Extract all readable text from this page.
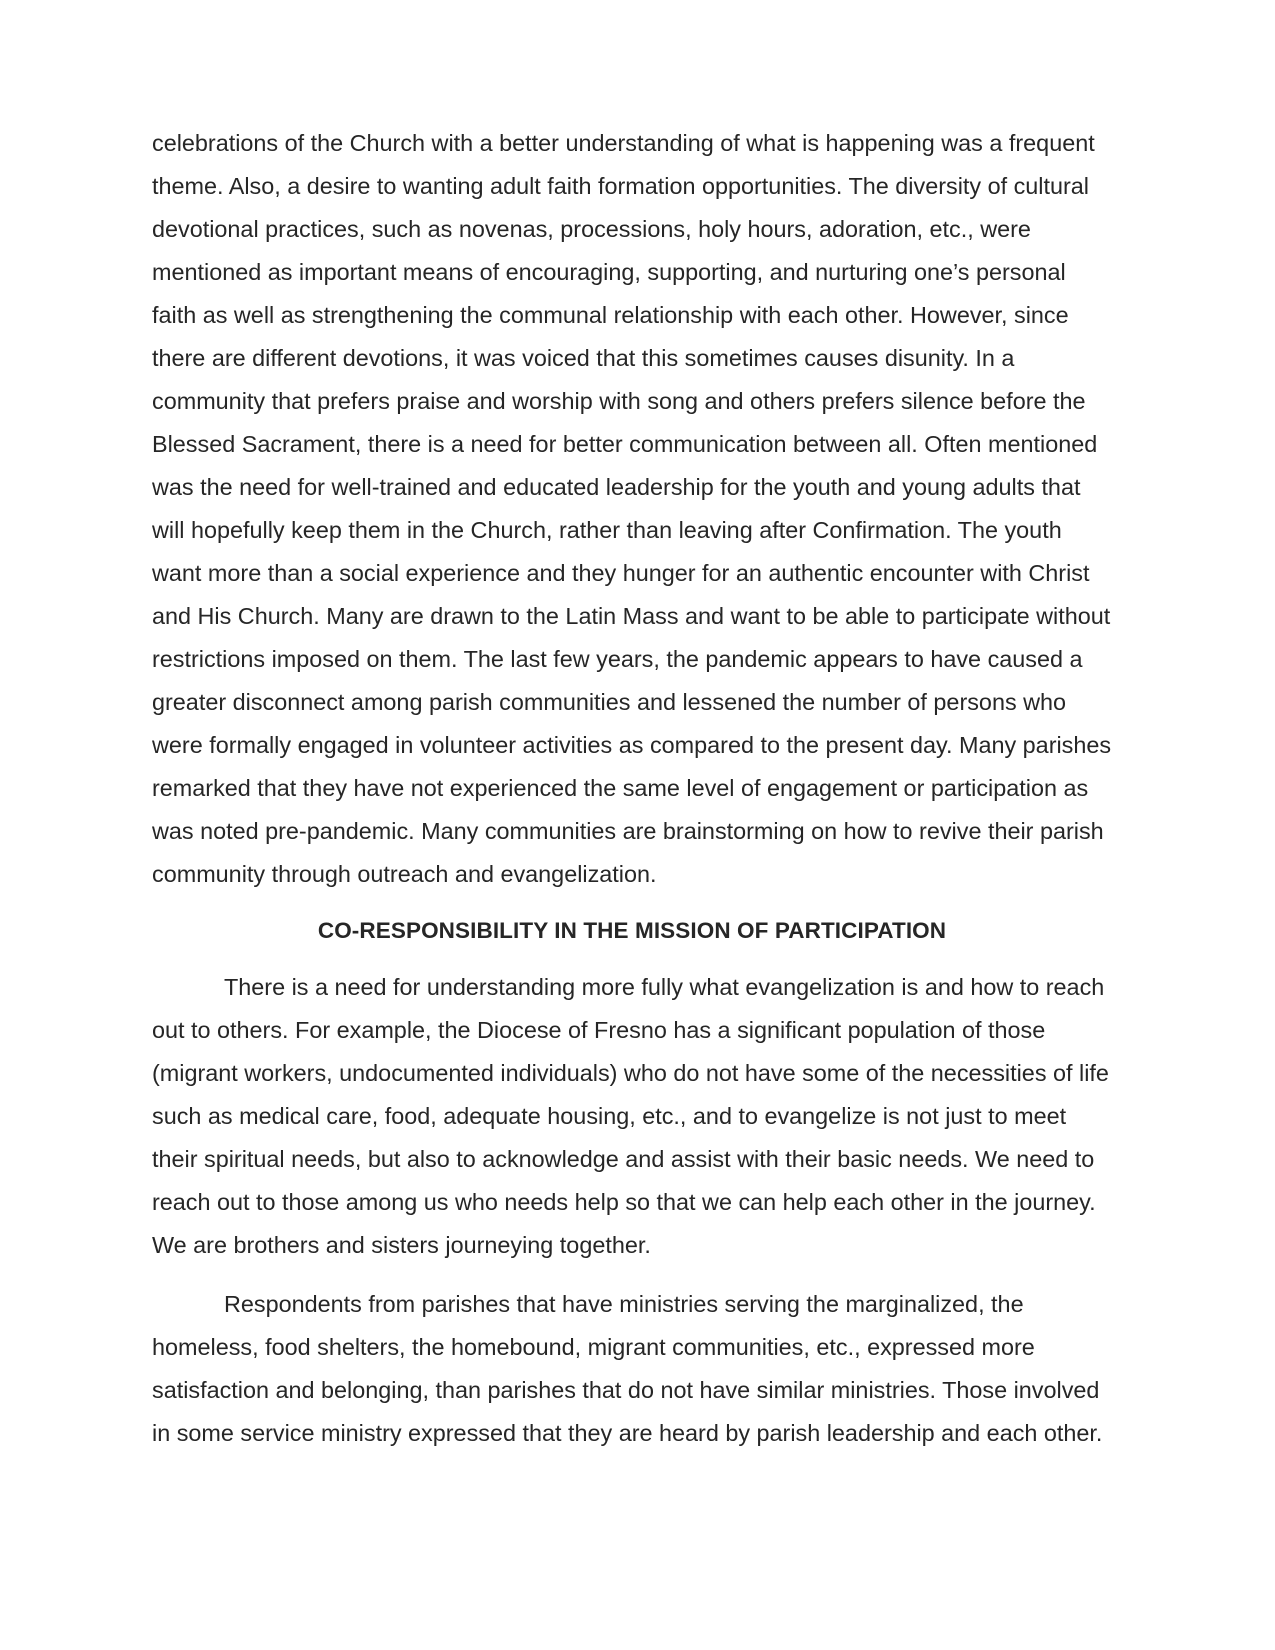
celebrations of the Church with a better understanding of what is happening was a frequent theme. Also, a desire to wanting adult faith formation opportunities. The diversity of cultural devotional practices, such as novenas, processions, holy hours, adoration, etc., were mentioned as important means of encouraging, supporting, and nurturing one’s personal faith as well as strengthening the communal relationship with each other. However, since there are different devotions, it was voiced that this sometimes causes disunity. In a community that prefers praise and worship with song and others prefers silence before the Blessed Sacrament, there is a need for better communication between all. Often mentioned was the need for well-trained and educated leadership for the youth and young adults that will hopefully keep them in the Church, rather than leaving after Confirmation. The youth want more than a social experience and they hunger for an authentic encounter with Christ and His Church. Many are drawn to the Latin Mass and want to be able to participate without restrictions imposed on them. The last few years, the pandemic appears to have caused a greater disconnect among parish communities and lessened the number of persons who were formally engaged in volunteer activities as compared to the present day. Many parishes remarked that they have not experienced the same level of engagement or participation as was noted pre-pandemic. Many communities are brainstorming on how to revive their parish community through outreach and evangelization.

CO-RESPONSIBILITY IN THE MISSION OF PARTICIPATION

There is a need for understanding more fully what evangelization is and how to reach out to others. For example, the Diocese of Fresno has a significant population of those (migrant workers, undocumented individuals) who do not have some of the necessities of life such as medical care, food, adequate housing, etc., and to evangelize is not just to meet their spiritual needs, but also to acknowledge and assist with their basic needs. We need to reach out to those among us who needs help so that we can help each other in the journey. We are brothers and sisters journeying together.

Respondents from parishes that have ministries serving the marginalized, the homeless, food shelters, the homebound, migrant communities, etc., expressed more satisfaction and belonging, than parishes that do not have similar ministries. Those involved in some service ministry expressed that they are heard by parish leadership and each other.
